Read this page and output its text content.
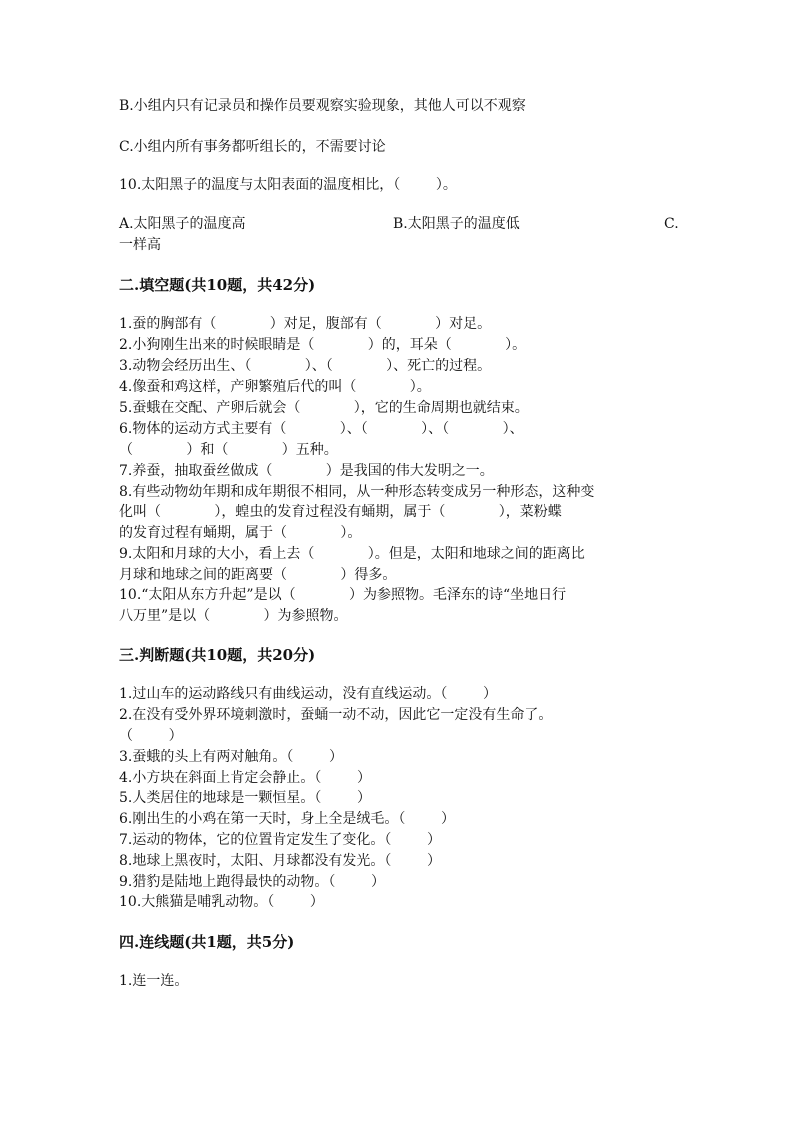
B.小组内只有记录员和操作员要观察实验现象，其他人可以不观察
C.小组内所有事务都听组长的，不需要讨论
10.太阳黑子的温度与太阳表面的温度相比，（        ）。
A.太阳黑子的温度高	B.太阳黑子的温度低	C.
一样高
二.填空题(共10题，共42分)
1.蚕的胸部有（            ）对足，腹部有（            ）对足。
2.小狗刚生出来的时候眼睛是（            ）的，耳朵（            ）。
3.动物会经历出生、（            ）、（            ）、死亡的过程。
4.像蚕和鸡这样，产卵繁殖后代的叫（            ）。
5.蚕蛾在交配、产卵后就会（            ），它的生命周期也就结束。
6.物体的运动方式主要有（            ）、（            ）、（            ）、
（            ）和（            ）五种。
7.养蚕，抽取蚕丝做成（            ）是我国的伟大发明之一。
8.有些动物幼年期和成年期很不相同，从一种形态转变成另一种形态，这种变
化叫（            ），蝗虫的发育过程没有蛹期，属于（            ），菜粉蝶
的发育过程有蛹期，属于（            ）。
9.太阳和月球的大小，看上去（            ）。但是，太阳和地球之间的距离比
月球和地球之间的距离要（            ）得多。
10.“太阳从东方升起”是以（            ）为参照物。毛泽东的诗“坐地日行
八万里”是以（            ）为参照物。
三.判断题(共10题，共20分)
1.过山车的运动路线只有曲线运动，没有直线运动。（        ）
2.在没有受外界环境刺激时，蚕蛹一动不动，因此它一定没有生命了。
（        ）
3.蚕蛾的头上有两对触角。（        ）
4.小方块在斜面上肯定会静止。（        ）
5.人类居住的地球是一颗恒星。（        ）
6.刚出生的小鸡在第一天时，身上全是绒毛。（        ）
7.运动的物体，它的位置肯定发生了变化。（        ）
8.地球上黑夜时，太阳、月球都没有发光。（        ）
9.猎豹是陆地上跑得最快的动物。（        ）
10.大熊猫是哺乳动物。（        ）
四.连线题(共1题，共5分)
1.连一连。
